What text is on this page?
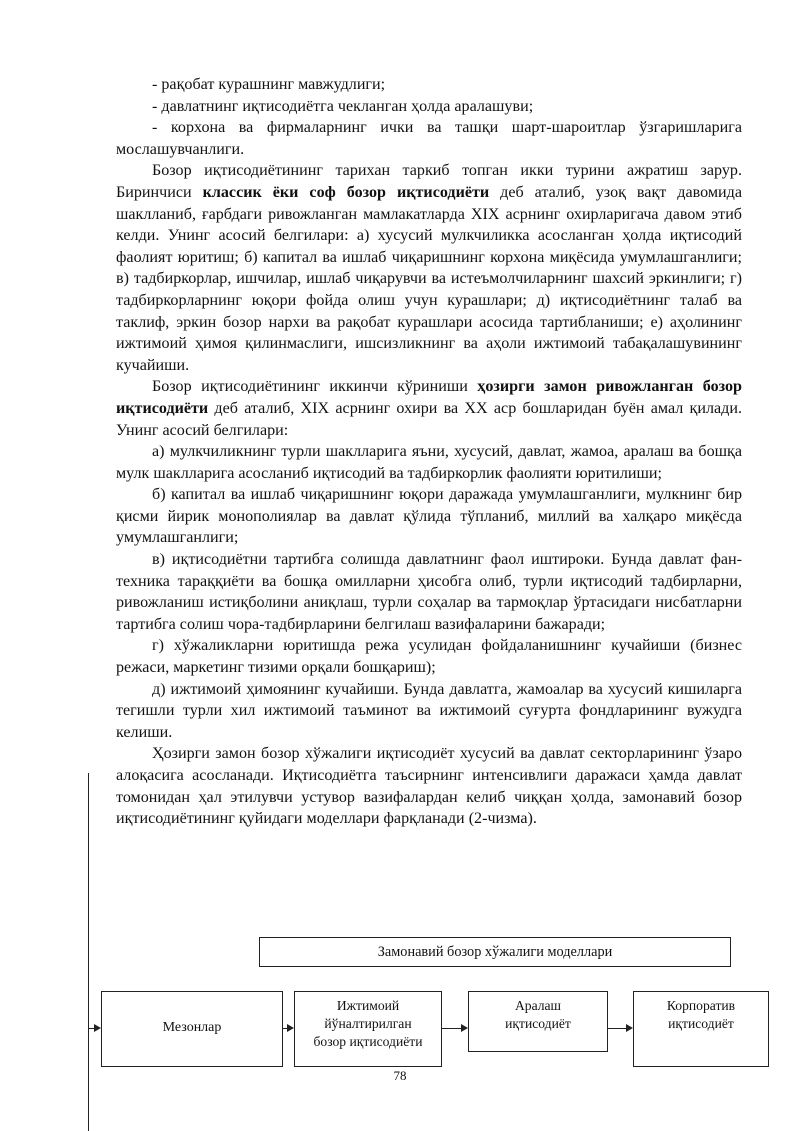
- рақобат курашнинг мавжудлиги;

- давлатнинг иқтисодиётга чекланган ҳолда аралашуви;

- корхона ва фирмаларнинг ички ва ташқи шарт-шароитлар ўзгаришларига мослашувчанлиги.

Бозор иқтисодиётининг тарихан таркиб топган икки турини ажратиш зарур. Биринчиси классик ёки соф бозор иқтисодиёти деб аталиб, узоқ вақт давомида шаклланиб, ғарбдаги ривожланган мамлакатларда XIX асрнинг охирларигача давом этиб келди. Унинг асосий белгилари: а) хусусий мулкчиликка асосланган ҳолда иқтисодий фаолият юритиш; б) капитал ва ишлаб чиқаришнинг корхона миқёсида умумлашганлиги; в) тадбиркорлар, ишчилар, ишлаб чиқарувчи ва истеъмолчиларнинг шахсий эркинлиги; г) тадбиркорларнинг юқори фойда олиш учун курашлари; д) иқтисодиётнинг талаб ва таклиф, эркин бозор нархи ва рақобат курашлари асосида тартибланиши; е) аҳолининг ижтимоий ҳимоя қилинмаслиги, ишсизликнинг ва аҳоли ижтимоий табақалашувининг кучайиши.

Бозор иқтисодиётининг иккинчи кўриниши ҳозирги замон ривожланган бозор иқтисодиёти деб аталиб, XIX асрнинг охири ва XX аср бошларидан буён амал қилади. Унинг асосий белгилари:

а) мулкчиликнинг турли шаклларига яъни, хусусий, давлат, жамоа, аралаш ва бошқа мулк шаклларига асосланиб иқтисодий ва тадбиркорлик фаолияти юритилиши;

б) капитал ва ишлаб чиқаришнинг юқори даражада умумлашганлиги, мулкнинг бир қисми йирик монополиялар ва давлат қўлида тўпланиб, миллий ва халқаро миқёсда умумлашганлиги;

в) иқтисодиётни тартибга солишда давлатнинг фаол иштироки. Бунда давлат фан-техника тараққиёти ва бошқа омилларни ҳисобга олиб, турли иқтисодий тадбирларни, ривожланиш истиқболини аниқлаш, турли соҳалар ва тармоқлар ўртасидаги нисбатларни тартибга солиш чора-тадбирларини белгилаш вазифаларини бажаради;

г) хўжаликларни юритишда режа усулидан фойдаланишнинг кучайиши (бизнес режаси, маркетинг тизими орқали бошқариш);

д) ижтимоий ҳимоянинг кучайиши. Бунда давлатга, жамоалар ва хусусий кишиларга тегишли турли хил ижтимоий таъминот ва ижтимоий суғурта фондларининг вужудга келиши.

Ҳозирги замон бозор хўжалиги иқтисодиёт хусусий ва давлат секторларининг ўзаро алоқасига асосланади. Иқтисодиётга таъсирнинг интенсивлиги даражаси ҳамда давлат томонидан ҳал этилувчи устувор вазифалардан келиб чиққан ҳолда, замонавий бозор иқтисодиётининг қуйидаги моделлари фарқланади (2-чизма).

Замонавий бозор хўжалиги моделлари
Мезонлар
Ижтимоий
йўналтирилган
бозор иқтисодиёти
Аралаш
иқтисодиёт
Корпоратив
иқтисодиёт
78
